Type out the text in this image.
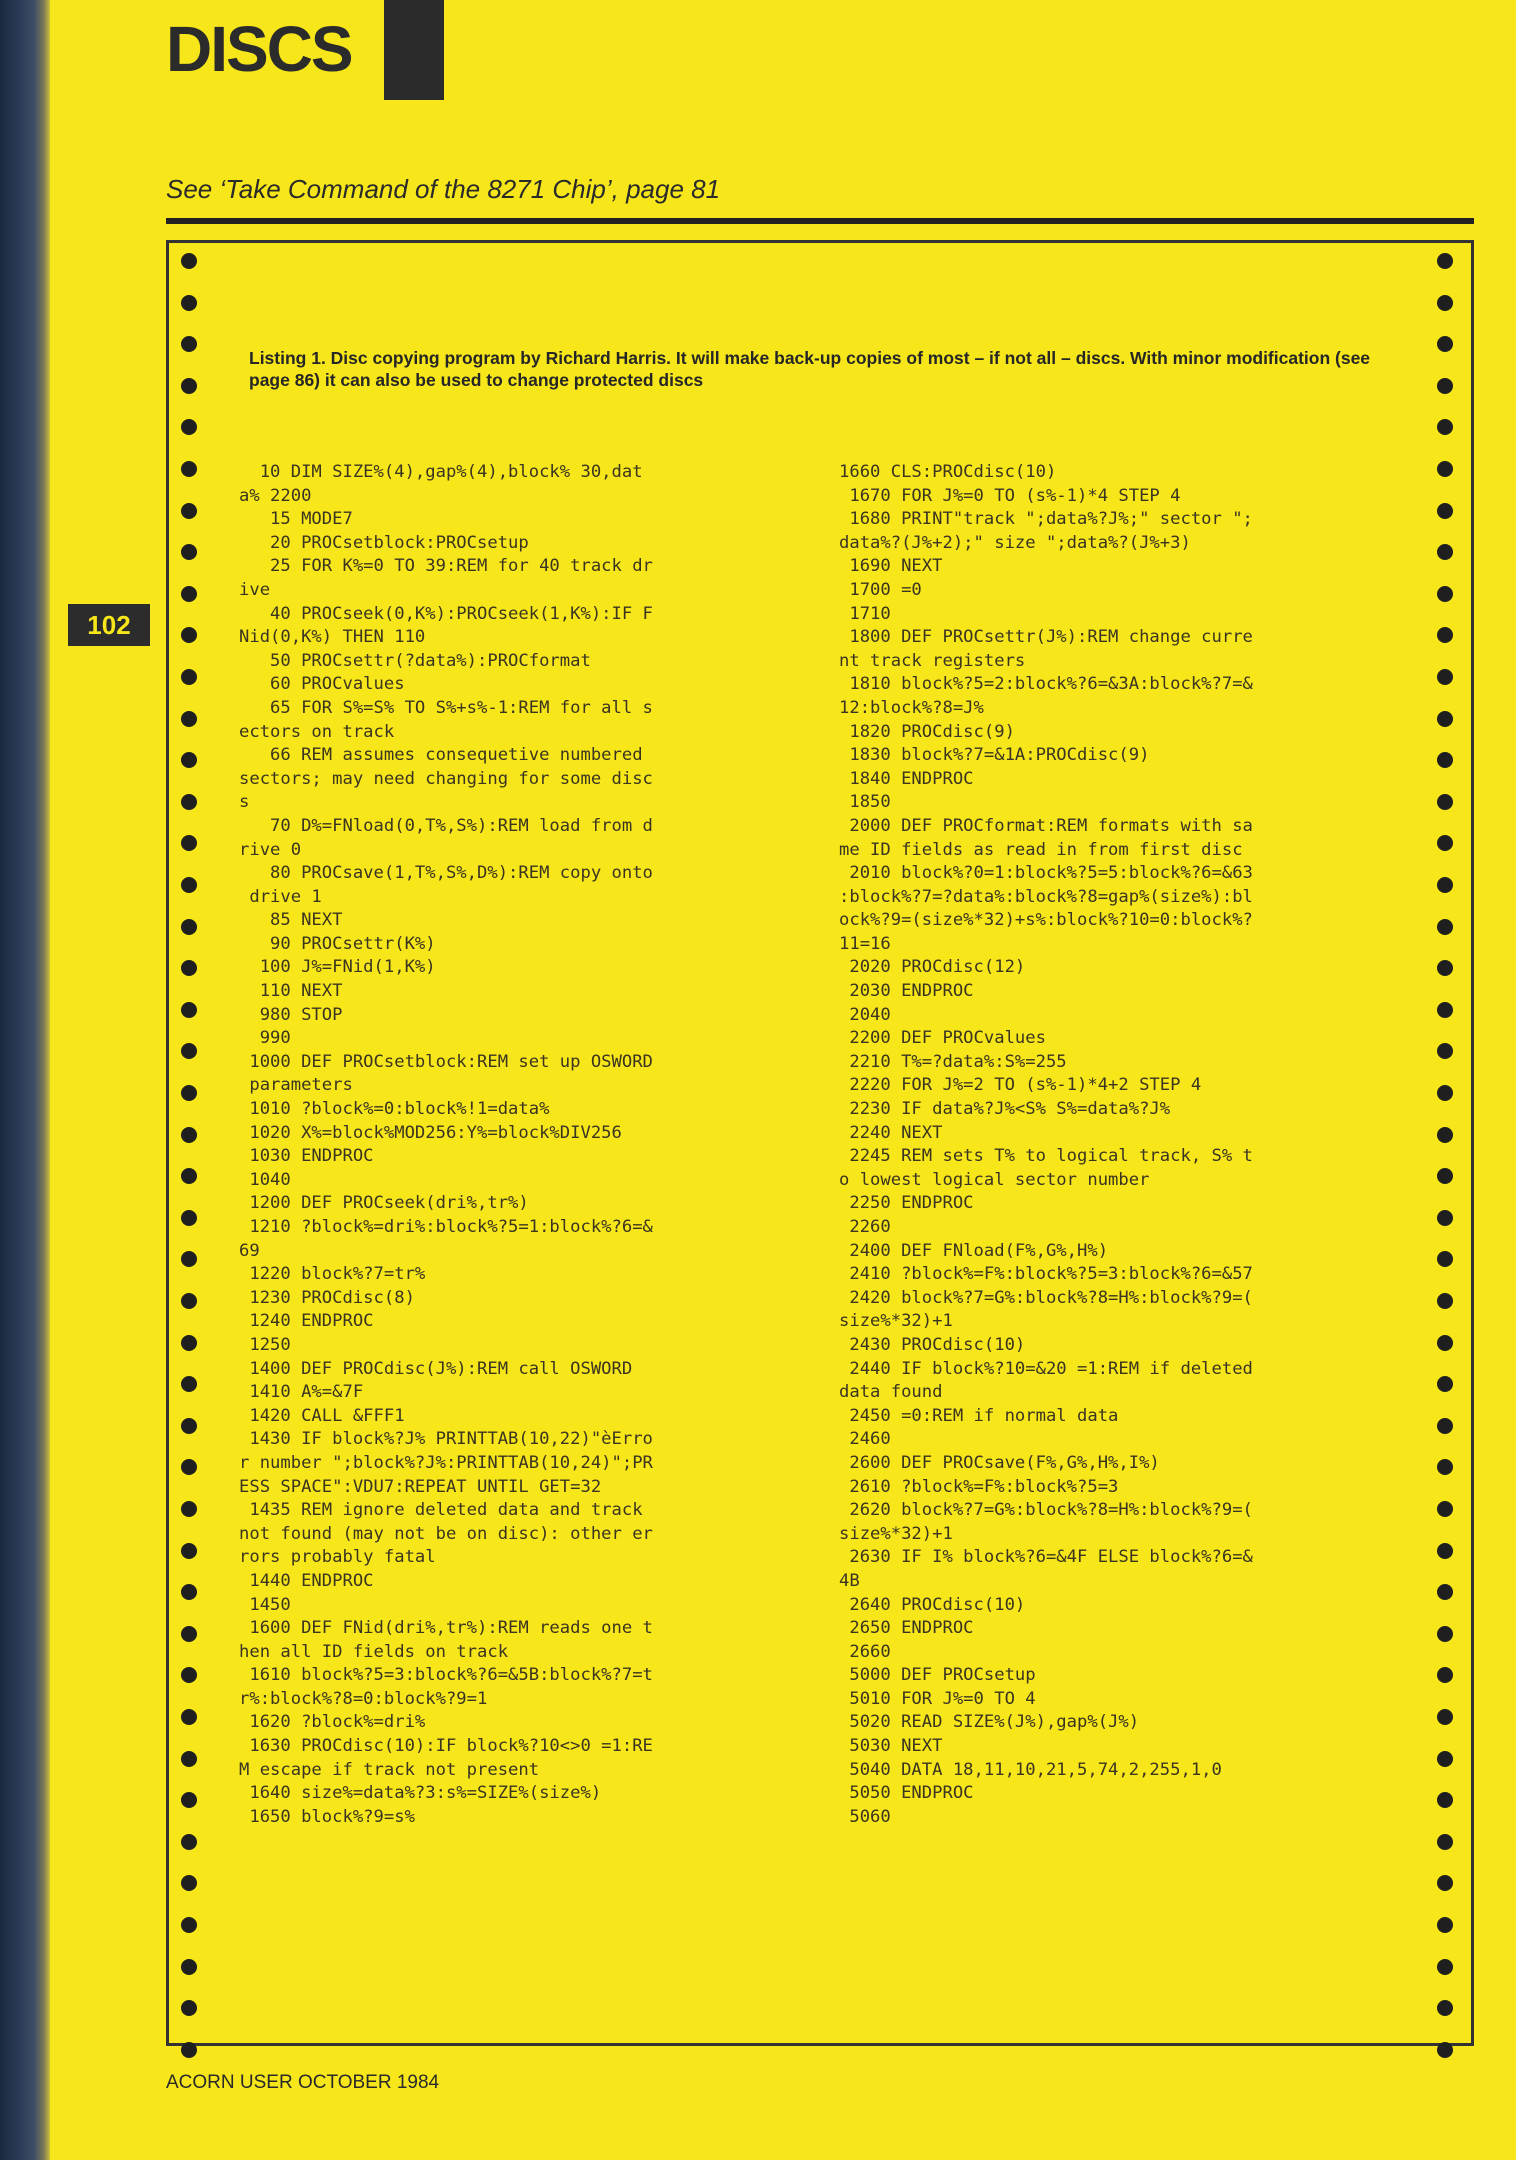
DISCS
See ‘Take Command of the 8271 Chip’, page 81
102
Listing 1. Disc copying program by Richard Harris. It will make back-up copies of most – if not all – discs. With minor modification (see page 86) it can also be used to change protected discs
10 DIM SIZE%(4),gap%(4),block% 30,dat
a% 2200
15 MODE7
20 PROCsetblock:PROCsetup
25 FOR K%=0 TO 39:REM for 40 track dr
ive
40 PROCseek(0,K%):PROCseek(1,K%):IF F
Nid(0,K%) THEN 110
50 PROCsettr(?data%):PROCformat
60 PROCvalues
65 FOR S%=S% TO S%+s%-1:REM for all s
ectors on track
66 REM assumes consequetive numbered
sectors; may need changing for some disc
s
70 D%=FNload(0,T%,S%):REM load from d
rive 0
80 PROCsave(1,T%,S%,D%):REM copy onto
drive 1
85 NEXT
90 PROCsettr(K%)
100 J%=FNid(1,K%)
110 NEXT
980 STOP
990
1000 DEF PROCsetblock:REM set up OSWORD
parameters
1010 ?block%=0:block%!1=data%
1020 X%=block%MOD256:Y%=block%DIV256
1030 ENDPROC
1040
1200 DEF PROCseek(dri%,tr%)
1210 ?block%=dri%:block%?5=1:block%?6=&
69
1220 block%?7=tr%
1230 PROCdisc(8)
1240 ENDPROC
1250
1400 DEF PROCdisc(J%):REM call OSWORD
1410 A%=&7F
1420 CALL &FFF1
1430 IF block%?J% PRINTTAB(10,22)"èErro
r number ";block%?J%:PRINTTAB(10,24)";PR
ESS SPACE":VDU7:REPEAT UNTIL GET=32
1435 REM ignore deleted data and track
not found (may not be on disc): other er
rors probably fatal
1440 ENDPROC
1450
1600 DEF FNid(dri%,tr%):REM reads one t
hen all ID fields on track
1610 block%?5=3:block%?6=&5B:block%?7=t
r%:block%?8=0:block%?9=1
1620 ?block%=dri%
1630 PROCdisc(10):IF block%?10<>0 =1:RE
M escape if track not present
1640 size%=data%?3:s%=SIZE%(size%)
1650 block%?9=s%
1660 CLS:PROCdisc(10)
1670 FOR J%=0 TO (s%-1)*4 STEP 4
1680 PRINT"track ";data%?J%;" sector ";
data%?(J%+2);" size ";data%?(J%+3)
1690 NEXT
1700 =0
1710
1800 DEF PROCsettr(J%):REM change curre
nt track registers
1810 block%?5=2:block%?6=&3A:block%?7=&
12:block%?8=J%
1820 PROCdisc(9)
1830 block%?7=&1A:PROCdisc(9)
1840 ENDPROC
1850
2000 DEF PROCformat:REM formats with sa
me ID fields as read in from first disc
2010 block%?0=1:block%?5=5:block%?6=&63
:block%?7=?data%:block%?8=gap%(size%):bl
ock%?9=(size%*32)+s%:block%?10=0:block%?
11=16
2020 PROCdisc(12)
2030 ENDPROC
2040
2200 DEF PROCvalues
2210 T%=?data%:S%=255
2220 FOR J%=2 TO (s%-1)*4+2 STEP 4
2230 IF data%?J%<S% S%=data%?J%
2240 NEXT
2245 REM sets T% to logical track, S% t
o lowest logical sector number
2250 ENDPROC
2260
2400 DEF FNload(F%,G%,H%)
2410 ?block%=F%:block%?5=3:block%?6=&57
2420 block%?7=G%:block%?8=H%:block%?9=(
size%*32)+1
2430 PROCdisc(10)
2440 IF block%?10=&20 =1:REM if deleted
data found
2450 =0:REM if normal data
2460
2600 DEF PROCsave(F%,G%,H%,I%)
2610 ?block%=F%:block%?5=3
2620 block%?7=G%:block%?8=H%:block%?9=(
size%*32)+1
2630 IF I% block%?6=&4F ELSE block%?6=&
4B
2640 PROCdisc(10)
2650 ENDPROC
2660
5000 DEF PROCsetup
5010 FOR J%=0 TO 4
5020 READ SIZE%(J%),gap%(J%)
5030 NEXT
5040 DATA 18,11,10,21,5,74,2,255,1,0
5050 ENDPROC
5060
ACORN USER OCTOBER 1984
